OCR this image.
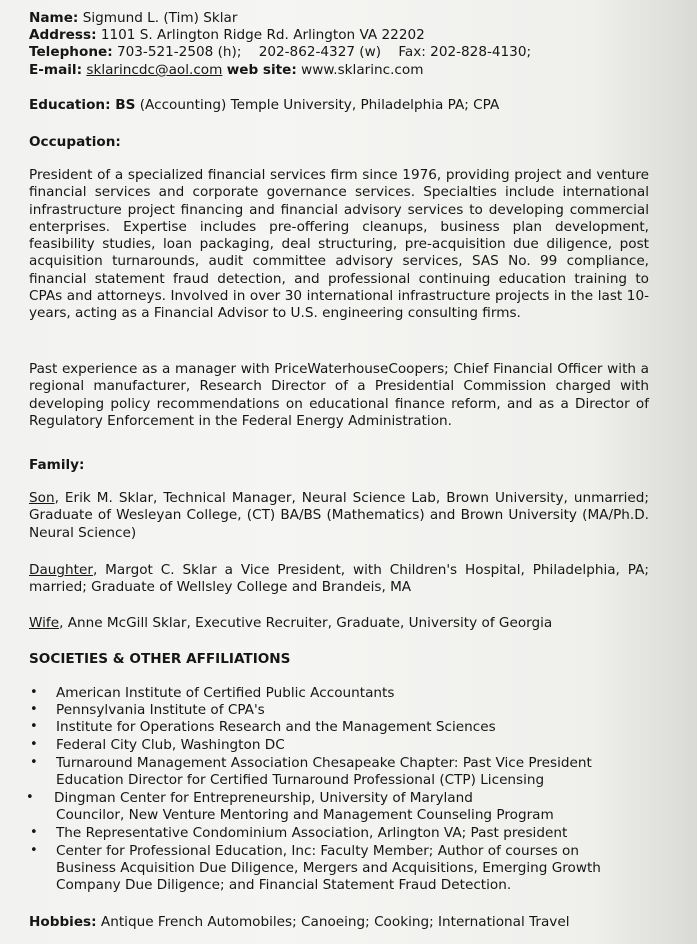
Name: Sigmund L. (Tim) Sklar
Address: 1101 S. Arlington Ridge Rd. Arlington VA 22202
Telephone: 703-521-2508 (h);    202-862-4327 (w)    Fax: 202-828-4130;
E-mail: sklarincdc@aol.com web site: www.sklarinc.com
Education: BS (Accounting) Temple University, Philadelphia PA; CPA
Occupation:
President of a specialized financial services firm since 1976, providing project and venture financial services and corporate governance services. Specialties include international infrastructure project financing and financial advisory services to developing commercial enterprises. Expertise includes pre-offering cleanups, business plan development, feasibility studies, loan packaging, deal structuring, pre-acquisition due diligence, post acquisition turnarounds, audit committee advisory services, SAS No. 99 compliance, financial statement fraud detection, and professional continuing education training to CPAs and attorneys. Involved in over 30 international infrastructure projects in the last 10-years, acting as a Financial Advisor to U.S. engineering consulting firms.
Past experience as a manager with PriceWaterhouseCoopers; Chief Financial Officer with a regional manufacturer, Research Director of a Presidential Commission charged with developing policy recommendations on educational finance reform, and as a Director of Regulatory Enforcement in the Federal Energy Administration.
Family:
Son, Erik M. Sklar, Technical Manager, Neural Science Lab, Brown University, unmarried; Graduate of Wesleyan College, (CT) BA/BS (Mathematics) and Brown University (MA/Ph.D. Neural Science)
Daughter, Margot C. Sklar a Vice President, with Children's Hospital, Philadelphia, PA; married; Graduate of Wellsley College and Brandeis, MA
Wife, Anne McGill Sklar, Executive Recruiter, Graduate, University of Georgia
SOCIETIES & OTHER AFFILIATIONS
• American Institute of Certified Public Accountants
• Pennsylvania Institute of CPA's
• Institute for Operations Research and the Management Sciences
• Federal City Club, Washington DC
• Turnaround Management Association Chesapeake Chapter: Past Vice President
Education Director for Certified Turnaround Professional (CTP) Licensing
• Dingman Center for Entrepreneurship, University of Maryland
Councilor, New Venture Mentoring and Management Counseling Program
• The Representative Condominium Association, Arlington VA; Past president
• Center for Professional Education, Inc: Faculty Member; Author of courses on
Business Acquisition Due Diligence, Mergers and Acquisitions, Emerging Growth
Company Due Diligence; and Financial Statement Fraud Detection.
Hobbies: Antique French Automobiles; Canoeing; Cooking; International Travel
